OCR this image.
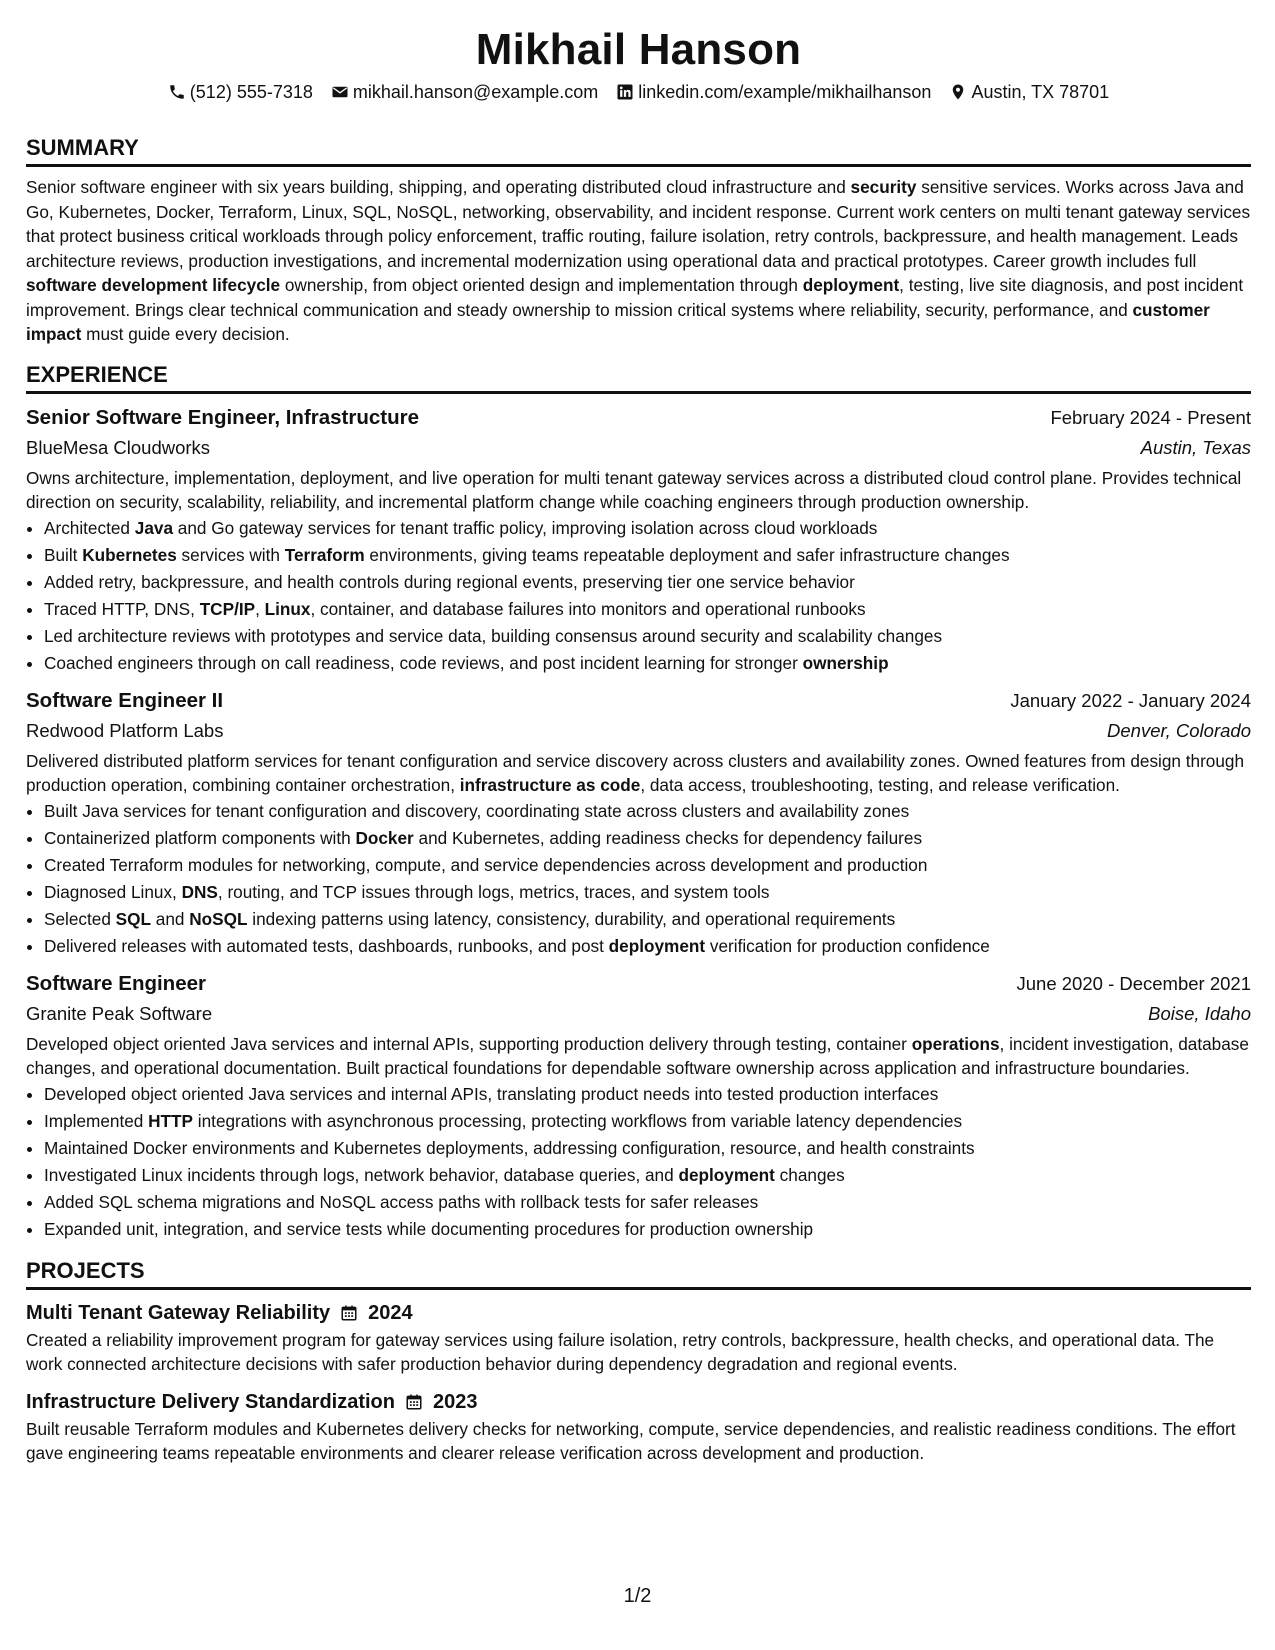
Mikhail Hanson
(512) 555-7318 mikhail.hanson@example.com linkedin.com/example/mikhailhanson Austin, TX 78701
SUMMARY
Senior software engineer with six years building, shipping, and operating distributed cloud infrastructure and security sensitive services. Works across Java and Go, Kubernetes, Docker, Terraform, Linux, SQL, NoSQL, networking, observability, and incident response. Current work centers on multi tenant gateway services that protect business critical workloads through policy enforcement, traffic routing, failure isolation, retry controls, backpressure, and health management. Leads architecture reviews, production investigations, and incremental modernization using operational data and practical prototypes. Career growth includes full software development lifecycle ownership, from object oriented design and implementation through deployment, testing, live site diagnosis, and post incident improvement. Brings clear technical communication and steady ownership to mission critical systems where reliability, security, performance, and customer impact must guide every decision.
EXPERIENCE
Senior Software Engineer, Infrastructure	February 2024 - Present
BlueMesa Cloudworks	Austin, Texas
Owns architecture, implementation, deployment, and live operation for multi tenant gateway services across a distributed cloud control plane. Provides technical direction on security, scalability, reliability, and incremental platform change while coaching engineers through production ownership.
• Architected Java and Go gateway services for tenant traffic policy, improving isolation across cloud workloads
• Built Kubernetes services with Terraform environments, giving teams repeatable deployment and safer infrastructure changes
• Added retry, backpressure, and health controls during regional events, preserving tier one service behavior
• Traced HTTP, DNS, TCP/IP, Linux, container, and database failures into monitors and operational runbooks
• Led architecture reviews with prototypes and service data, building consensus around security and scalability changes
• Coached engineers through on call readiness, code reviews, and post incident learning for stronger ownership
Software Engineer II	January 2022 - January 2024
Redwood Platform Labs	Denver, Colorado
Delivered distributed platform services for tenant configuration and service discovery across clusters and availability zones. Owned features from design through production operation, combining container orchestration, infrastructure as code, data access, troubleshooting, testing, and release verification.
• Built Java services for tenant configuration and discovery, coordinating state across clusters and availability zones
• Containerized platform components with Docker and Kubernetes, adding readiness checks for dependency failures
• Created Terraform modules for networking, compute, and service dependencies across development and production
• Diagnosed Linux, DNS, routing, and TCP issues through logs, metrics, traces, and system tools
• Selected SQL and NoSQL indexing patterns using latency, consistency, durability, and operational requirements
• Delivered releases with automated tests, dashboards, runbooks, and post deployment verification for production confidence
Software Engineer	June 2020 - December 2021
Granite Peak Software	Boise, Idaho
Developed object oriented Java services and internal APIs, supporting production delivery through testing, container operations, incident investigation, database changes, and operational documentation. Built practical foundations for dependable software ownership across application and infrastructure boundaries.
• Developed object oriented Java services and internal APIs, translating product needs into tested production interfaces
• Implemented HTTP integrations with asynchronous processing, protecting workflows from variable latency dependencies
• Maintained Docker environments and Kubernetes deployments, addressing configuration, resource, and health constraints
• Investigated Linux incidents through logs, network behavior, database queries, and deployment changes
• Added SQL schema migrations and NoSQL access paths with rollback tests for safer releases
• Expanded unit, integration, and service tests while documenting procedures for production ownership
PROJECTS
Multi Tenant Gateway Reliability 2024
Created a reliability improvement program for gateway services using failure isolation, retry controls, backpressure, health checks, and operational data. The work connected architecture decisions with safer production behavior during dependency degradation and regional events.
Infrastructure Delivery Standardization 2023
Built reusable Terraform modules and Kubernetes delivery checks for networking, compute, service dependencies, and realistic readiness conditions. The effort gave engineering teams repeatable environments and clearer release verification across development and production.
1/2
